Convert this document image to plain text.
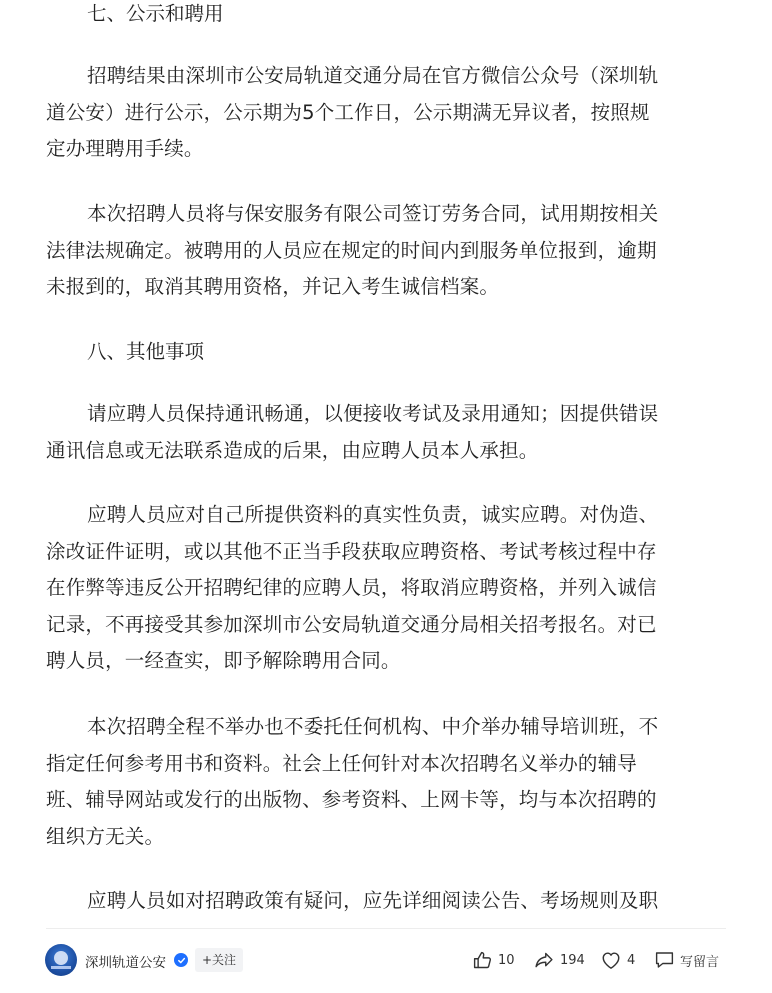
七、公示和聘用

招聘结果由深圳市公安局轨道交通分局在官方微信公众号（深圳轨
道公安）进行公示，公示期为5个工作日，公示期满无异议者，按照规
定办理聘用手续。
本次招聘人员将与保安服务有限公司签订劳务合同，试用期按相关
法律法规确定。被聘用的人员应在规定的时间内到服务单位报到，逾期
未报到的，取消其聘用资格，并记入考生诚信档案。

八、其他事项

请应聘人员保持通讯畅通，以便接收考试及录用通知；因提供错误
通讯信息或无法联系造成的后果，由应聘人员本人承担。
应聘人员应对自己所提供资料的真实性负责，诚实应聘。对伪造、
涂改证件证明，或以其他不正当手段获取应聘资格、考试考核过程中存
在作弊等违反公开招聘纪律的应聘人员，将取消应聘资格，并列入诚信
记录，不再接受其参加深圳市公安局轨道交通分局相关招考报名。对已
聘人员，一经查实，即予解除聘用合同。
本次招聘全程不举办也不委托任何机构、中介举办辅导培训班，不
指定任何参考用书和资料。社会上任何针对本次招聘名义举办的辅导
班、辅导网站或发行的出版物、参考资料、上网卡等，均与本次招聘的
组织方无关。
应聘人员如对招聘政策有疑问，应先详细阅读公告、考场规则及职
深圳轨道公安	+关注	10	194	4	写留言
